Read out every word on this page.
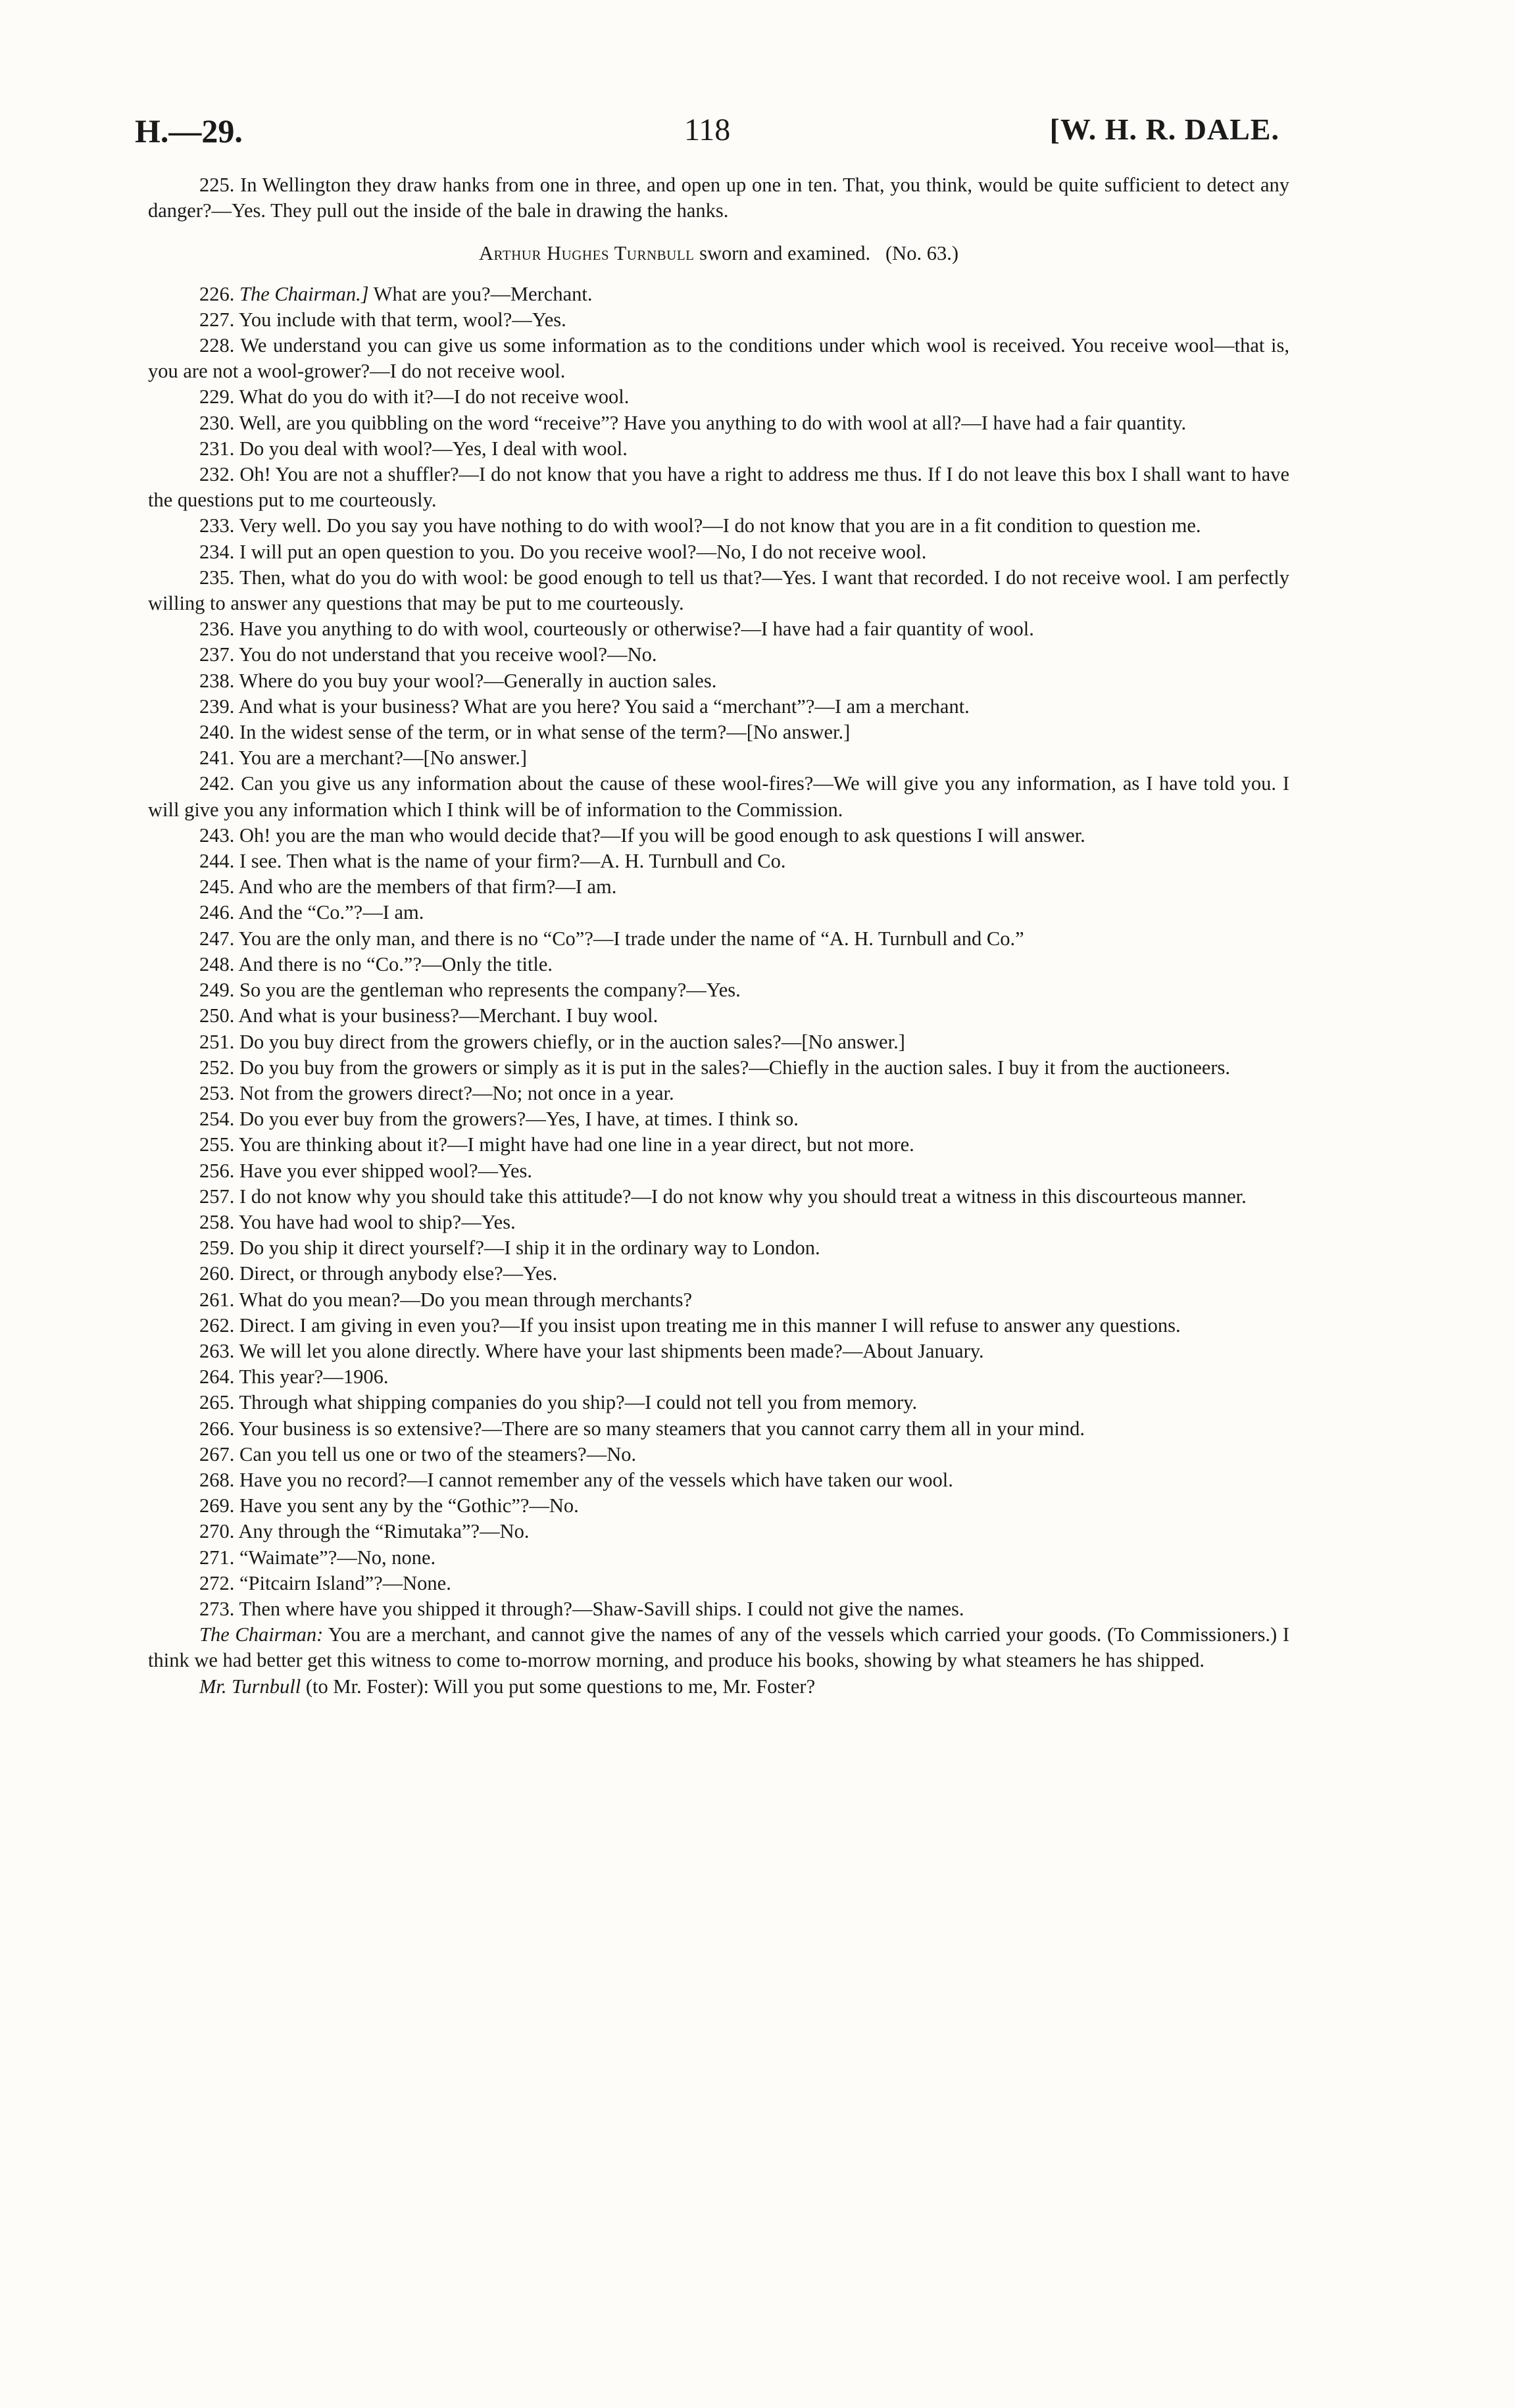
H.—29.	118	[W. H. R. DALE.

225. In Wellington they draw hanks from one in three, and open up one in ten. That, you think, would be quite sufficient to detect any danger?—Yes. They pull out the inside of the bale in drawing the hanks.

Arthur Hughes Turnbull sworn and examined. (No. 63.)

226. The Chairman.] What are you?—Merchant.

227. You include with that term, wool?—Yes.

228. We understand you can give us some information as to the conditions under which wool is received. You receive wool—that is, you are not a wool-grower?—I do not receive wool.

229. What do you do with it?—I do not receive wool.

230. Well, are you quibbling on the word “receive”? Have you anything to do with wool at all?—I have had a fair quantity.

231. Do you deal with wool?—Yes, I deal with wool.

232. Oh! You are not a shuffler?—I do not know that you have a right to address me thus. If I do not leave this box I shall want to have the questions put to me courteously.

233. Very well. Do you say you have nothing to do with wool?—I do not know that you are in a fit condition to question me.

234. I will put an open question to you. Do you receive wool?—No, I do not receive wool.

235. Then, what do you do with wool: be good enough to tell us that?—Yes. I want that recorded. I do not receive wool. I am perfectly willing to answer any questions that may be put to me courteously.

236. Have you anything to do with wool, courteously or otherwise?—I have had a fair quantity of wool.

237. You do not understand that you receive wool?—No.

238. Where do you buy your wool?—Generally in auction sales.

239. And what is your business? What are you here? You said a “merchant”?—I am a merchant.

240. In the widest sense of the term, or in what sense of the term?—[No answer.]

241. You are a merchant?—[No answer.]

242. Can you give us any information about the cause of these wool-fires?—We will give you any information, as I have told you. I will give you any information which I think will be of information to the Commission.

243. Oh! you are the man who would decide that?—If you will be good enough to ask questions I will answer.

244. I see. Then what is the name of your firm?—A. H. Turnbull and Co.

245. And who are the members of that firm?—I am.

246. And the “Co.”?—I am.

247. You are the only man, and there is no “Co”?—I trade under the name of “A. H. Turnbull and Co.”

248. And there is no “Co.”?—Only the title.

249. So you are the gentleman who represents the company?—Yes.

250. And what is your business?—Merchant. I buy wool.

251. Do you buy direct from the growers chiefly, or in the auction sales?—[No answer.]

252. Do you buy from the growers or simply as it is put in the sales?—Chiefly in the auction sales. I buy it from the auctioneers.

253. Not from the growers direct?—No; not once in a year.

254. Do you ever buy from the growers?—Yes, I have, at times. I think so.

255. You are thinking about it?—I might have had one line in a year direct, but not more.

256. Have you ever shipped wool?—Yes.

257. I do not know why you should take this attitude?—I do not know why you should treat a witness in this discourteous manner.

258. You have had wool to ship?—Yes.

259. Do you ship it direct yourself?—I ship it in the ordinary way to London.

260. Direct, or through anybody else?—Yes.

261. What do you mean?—Do you mean through merchants?

262. Direct. I am giving in even you?—If you insist upon treating me in this manner I will refuse to answer any questions.

263. We will let you alone directly. Where have your last shipments been made?—About January.

264. This year?—1906.

265. Through what shipping companies do you ship?—I could not tell you from memory.

266. Your business is so extensive?—There are so many steamers that you cannot carry them all in your mind.

267. Can you tell us one or two of the steamers?—No.

268. Have you no record?—I cannot remember any of the vessels which have taken our wool.

269. Have you sent any by the “Gothic”?—No.

270. Any through the “Rimutaka”?—No.

271. “Waimate”?—No, none.

272. “Pitcairn Island”?—None.

273. Then where have you shipped it through?—Shaw-Savill ships. I could not give the names.

The Chairman: You are a merchant, and cannot give the names of any of the vessels which carried your goods. (To Commissioners.) I think we had better get this witness to come to-morrow morning, and produce his books, showing by what steamers he has shipped.

Mr. Turnbull (to Mr. Foster): Will you put some questions to me, Mr. Foster?
